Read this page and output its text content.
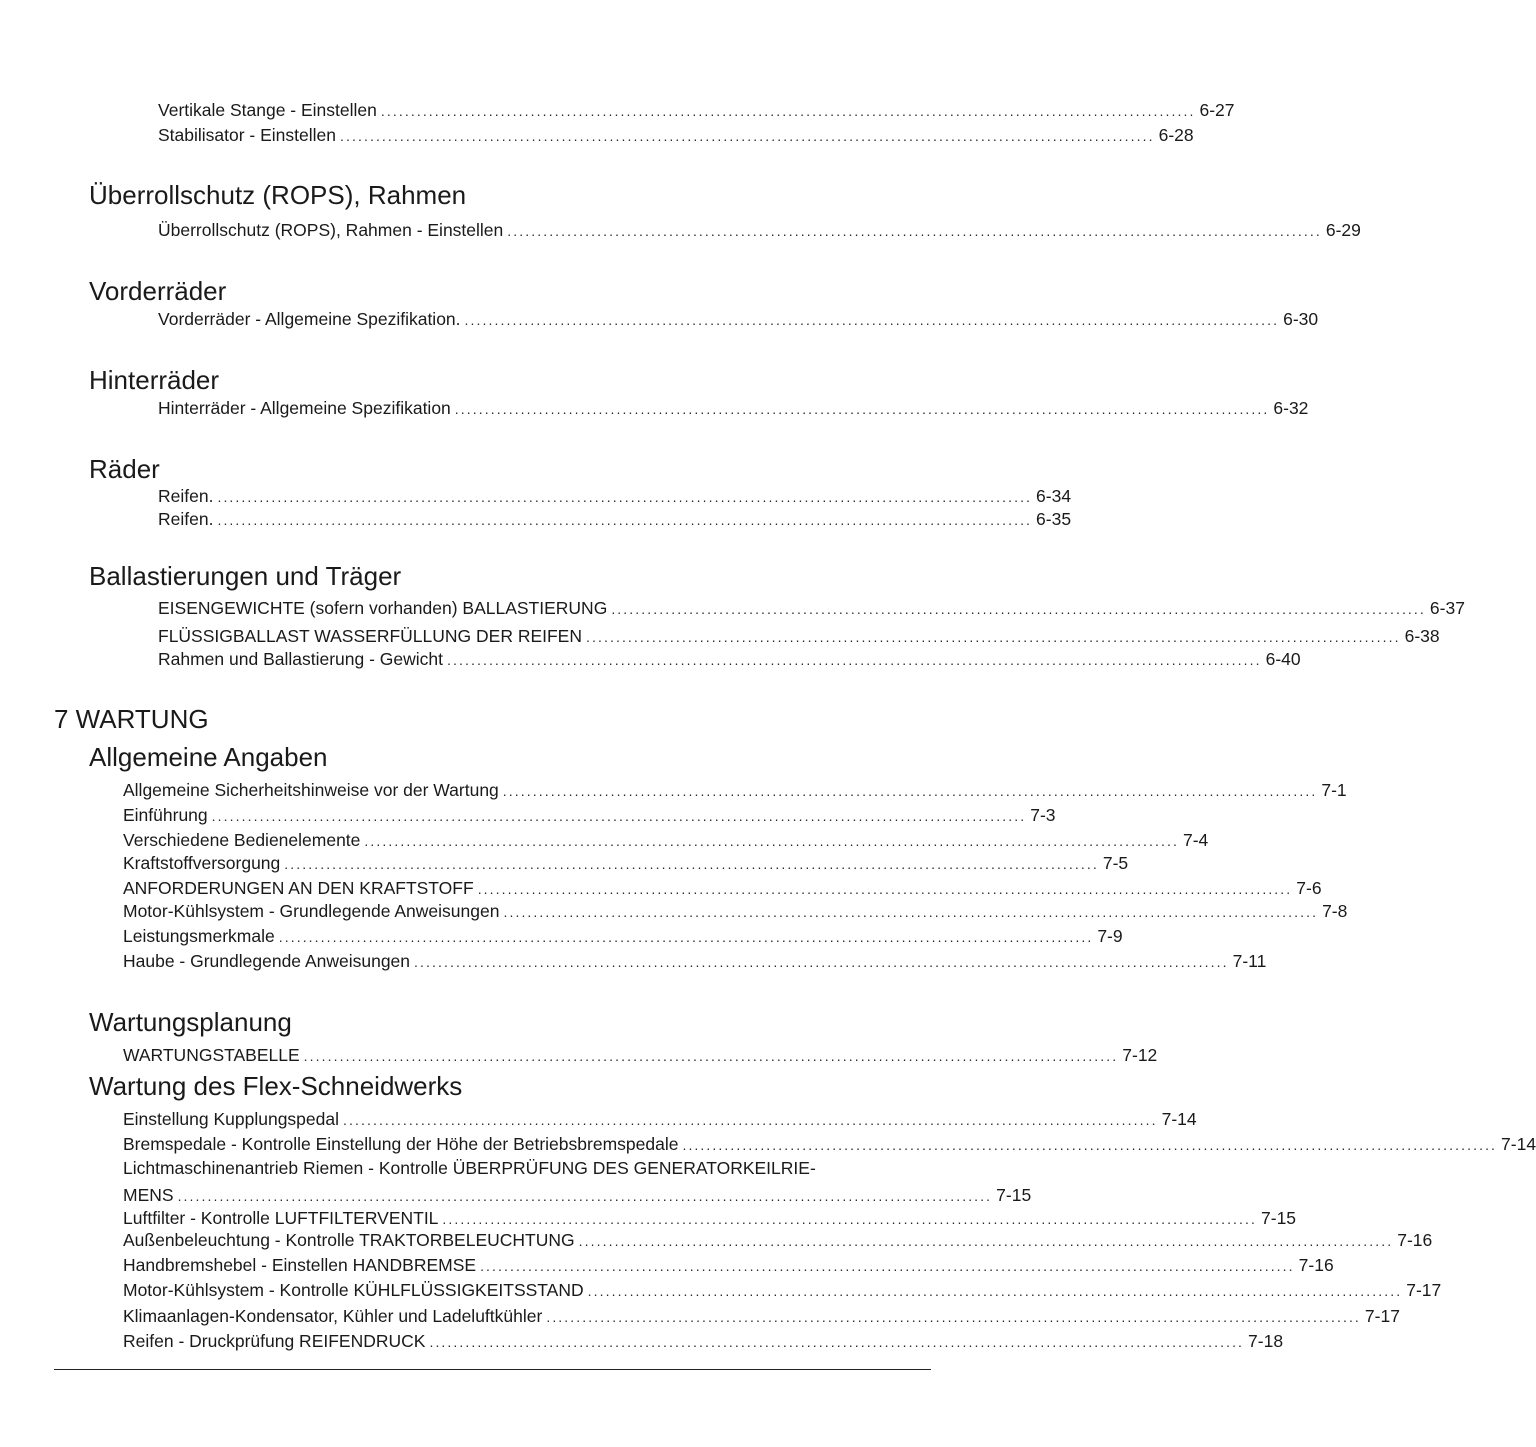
Vertikale Stange - Einstellen ........................................................................................................................................ 6-27
Stabilisator - Einstellen ........................................................................................................................................ 6-28
Überrollschutz (ROPS), Rahmen
Überrollschutz (ROPS), Rahmen - Einstellen ........................................................................................................................................ 6-29
Vorderräder
Vorderräder - Allgemeine Spezifikation. ........................................................................................................................................ 6-30
Hinterräder
Hinterräder - Allgemeine Spezifikation ........................................................................................................................................ 6-32
Räder
Reifen. ........................................................................................................................................ 6-34
Reifen. ........................................................................................................................................ 6-35
Ballastierungen und Träger
EISENGEWICHTE (sofern vorhanden) BALLASTIERUNG ........................................................................................................................................ 6-37
FLÜSSIGBALLAST WASSERFÜLLUNG DER REIFEN ........................................................................................................................................ 6-38
Rahmen und Ballastierung - Gewicht ........................................................................................................................................ 6-40
7 WARTUNG
Allgemeine Angaben
Allgemeine Sicherheitshinweise vor der Wartung ........................................................................................................................................ 7-1
Einführung ........................................................................................................................................ 7-3
Verschiedene Bedienelemente ........................................................................................................................................ 7-4
Kraftstoffversorgung ........................................................................................................................................ 7-5
ANFORDERUNGEN AN DEN KRAFTSTOFF ........................................................................................................................................ 7-6
Motor-Kühlsystem - Grundlegende Anweisungen ........................................................................................................................................ 7-8
Leistungsmerkmale ........................................................................................................................................ 7-9
Haube - Grundlegende Anweisungen ........................................................................................................................................ 7-11
Wartungsplanung
WARTUNGSTABELLE ........................................................................................................................................ 7-12
Wartung des Flex-Schneidwerks
Einstellung Kupplungspedal ........................................................................................................................................ 7-14
Bremspedale - Kontrolle Einstellung der Höhe der Betriebsbremspedale ........................................................................................................................................ 7-14
Lichtmaschinenantrieb Riemen - Kontrolle ÜBERPRÜFUNG DES GENERATORKEILRIE-
MENS ........................................................................................................................................ 7-15
Luftfilter - Kontrolle LUFTFILTERVENTIL ........................................................................................................................................ 7-15
Außenbeleuchtung - Kontrolle TRAKTORBELEUCHTUNG ........................................................................................................................................ 7-16
Handbremshebel - Einstellen HANDBREMSE ........................................................................................................................................ 7-16
Motor-Kühlsystem - Kontrolle KÜHLFLÜSSIGKEITSSTAND ........................................................................................................................................ 7-17
Klimaanlagen-Kondensator, Kühler und Ladeluftkühler ........................................................................................................................................ 7-17
Reifen - Druckprüfung REIFENDRUCK ........................................................................................................................................ 7-18
